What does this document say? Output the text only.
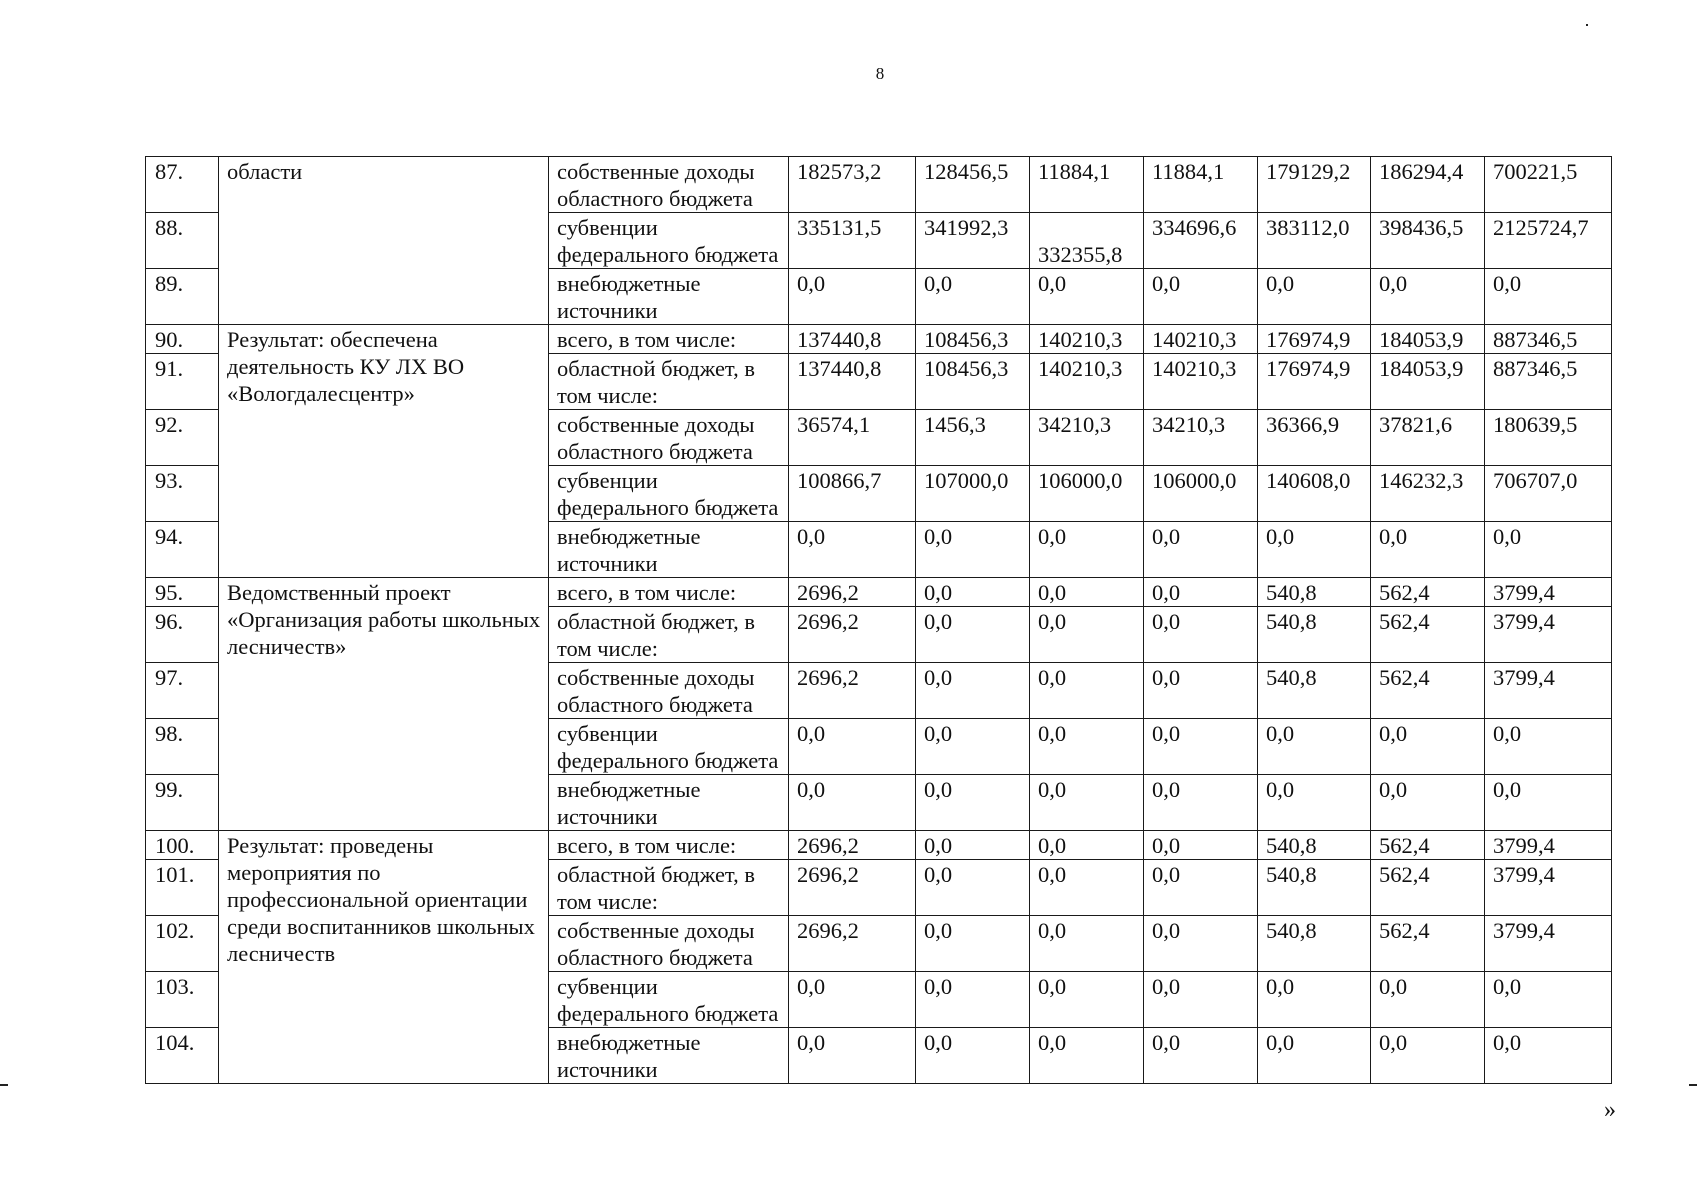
8
87.	области	собственные доходы областного бюджета	182573,2	128456,5	11884,1	11884,1	179129,2	186294,4	700221,5
88.		субвенции федерального бюджета	335131,5	341992,3	332355,8	334696,6	383112,0	398436,5	2125724,7
89.		внебюджетные источники	0,0	0,0	0,0	0,0	0,0	0,0	0,0
90.	Результат: обеспечена деятельность КУ ЛХ ВО «Вологдалесцентр»	всего, в том числе:	137440,8	108456,3	140210,3	140210,3	176974,9	184053,9	887346,5
91.		областной бюджет, в том числе:	137440,8	108456,3	140210,3	140210,3	176974,9	184053,9	887346,5
92.		собственные доходы областного бюджета	36574,1	1456,3	34210,3	34210,3	36366,9	37821,6	180639,5
93.		субвенции федерального бюджета	100866,7	107000,0	106000,0	106000,0	140608,0	146232,3	706707,0
94.		внебюджетные источники	0,0	0,0	0,0	0,0	0,0	0,0	0,0
95.	Ведомственный проект «Организация работы школьных лесничеств»	всего, в том числе:	2696,2	0,0	0,0	0,0	540,8	562,4	3799,4
96.		областной бюджет, в том числе:	2696,2	0,0	0,0	0,0	540,8	562,4	3799,4
97.		собственные доходы областного бюджета	2696,2	0,0	0,0	0,0	540,8	562,4	3799,4
98.		субвенции федерального бюджета	0,0	0,0	0,0	0,0	0,0	0,0	0,0
99.		внебюджетные источники	0,0	0,0	0,0	0,0	0,0	0,0	0,0
100.	Результат: проведены мероприятия по профессиональной ориентации среди воспитанников школьных лесничеств	всего, в том числе:	2696,2	0,0	0,0	0,0	540,8	562,4	3799,4
101.		областной бюджет, в том числе:	2696,2	0,0	0,0	0,0	540,8	562,4	3799,4
102.		собственные доходы областного бюджета	2696,2	0,0	0,0	0,0	540,8	562,4	3799,4
103.		субвенции федерального бюджета	0,0	0,0	0,0	0,0	0,0	0,0	0,0
104.		внебюджетные источники	0,0	0,0	0,0	0,0	0,0	0,0	0,0
»
